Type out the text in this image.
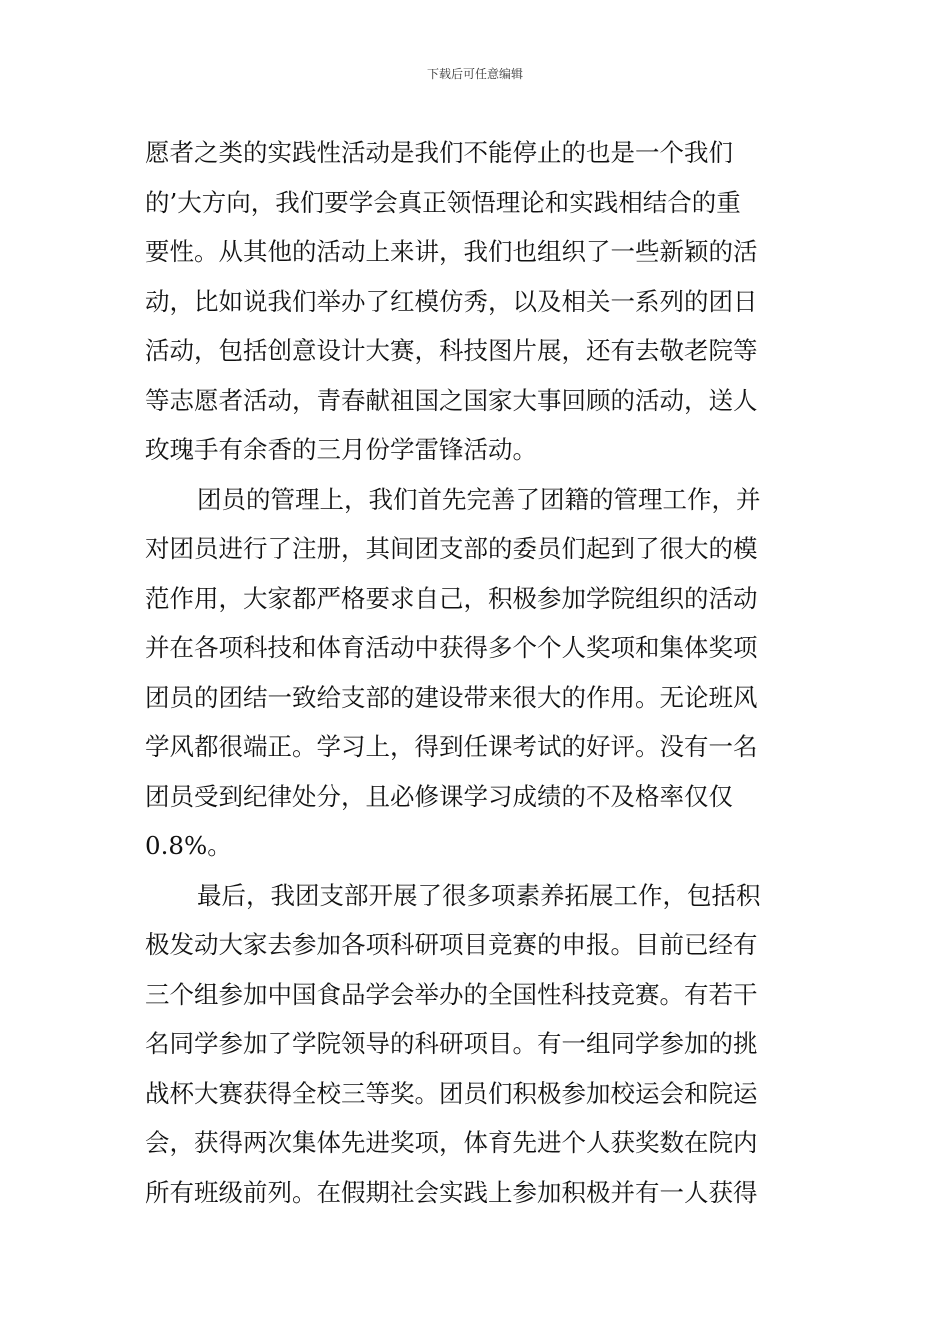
下载后可任意编辑
愿者之类的实践性活动是我们不能停止的也是一个我们
的’大方向，我们要学会真正领悟理论和实践相结合的重
要性。从其他的活动上来讲，我们也组织了一些新颖的活
动，比如说我们举办了红模仿秀，以及相关一系列的团日
活动，包括创意设计大赛，科技图片展，还有去敬老院等
等志愿者活动，青春献祖国之国家大事回顾的活动，送人
玫瑰手有余香的三月份学雷锋活动。
团员的管理上，我们首先完善了团籍的管理工作，并
对团员进行了注册，其间团支部的委员们起到了很大的模
范作用，大家都严格要求自己，积极参加学院组织的活动
并在各项科技和体育活动中获得多个个人奖项和集体奖项
团员的团结一致给支部的建设带来很大的作用。无论班风
学风都很端正。学习上，得到任课考试的好评。没有一名
团员受到纪律处分，且必修课学习成绩的不及格率仅仅
0.8%。
最后，我团支部开展了很多项素养拓展工作，包括积
极发动大家去参加各项科研项目竞赛的申报。目前已经有
三个组参加中国食品学会举办的全国性科技竞赛。有若干
名同学参加了学院领导的科研项目。有一组同学参加的挑
战杯大赛获得全校三等奖。团员们积极参加校运会和院运
会，获得两次集体先进奖项，体育先进个人获奖数在院内
所有班级前列。在假期社会实践上参加积极并有一人获得
